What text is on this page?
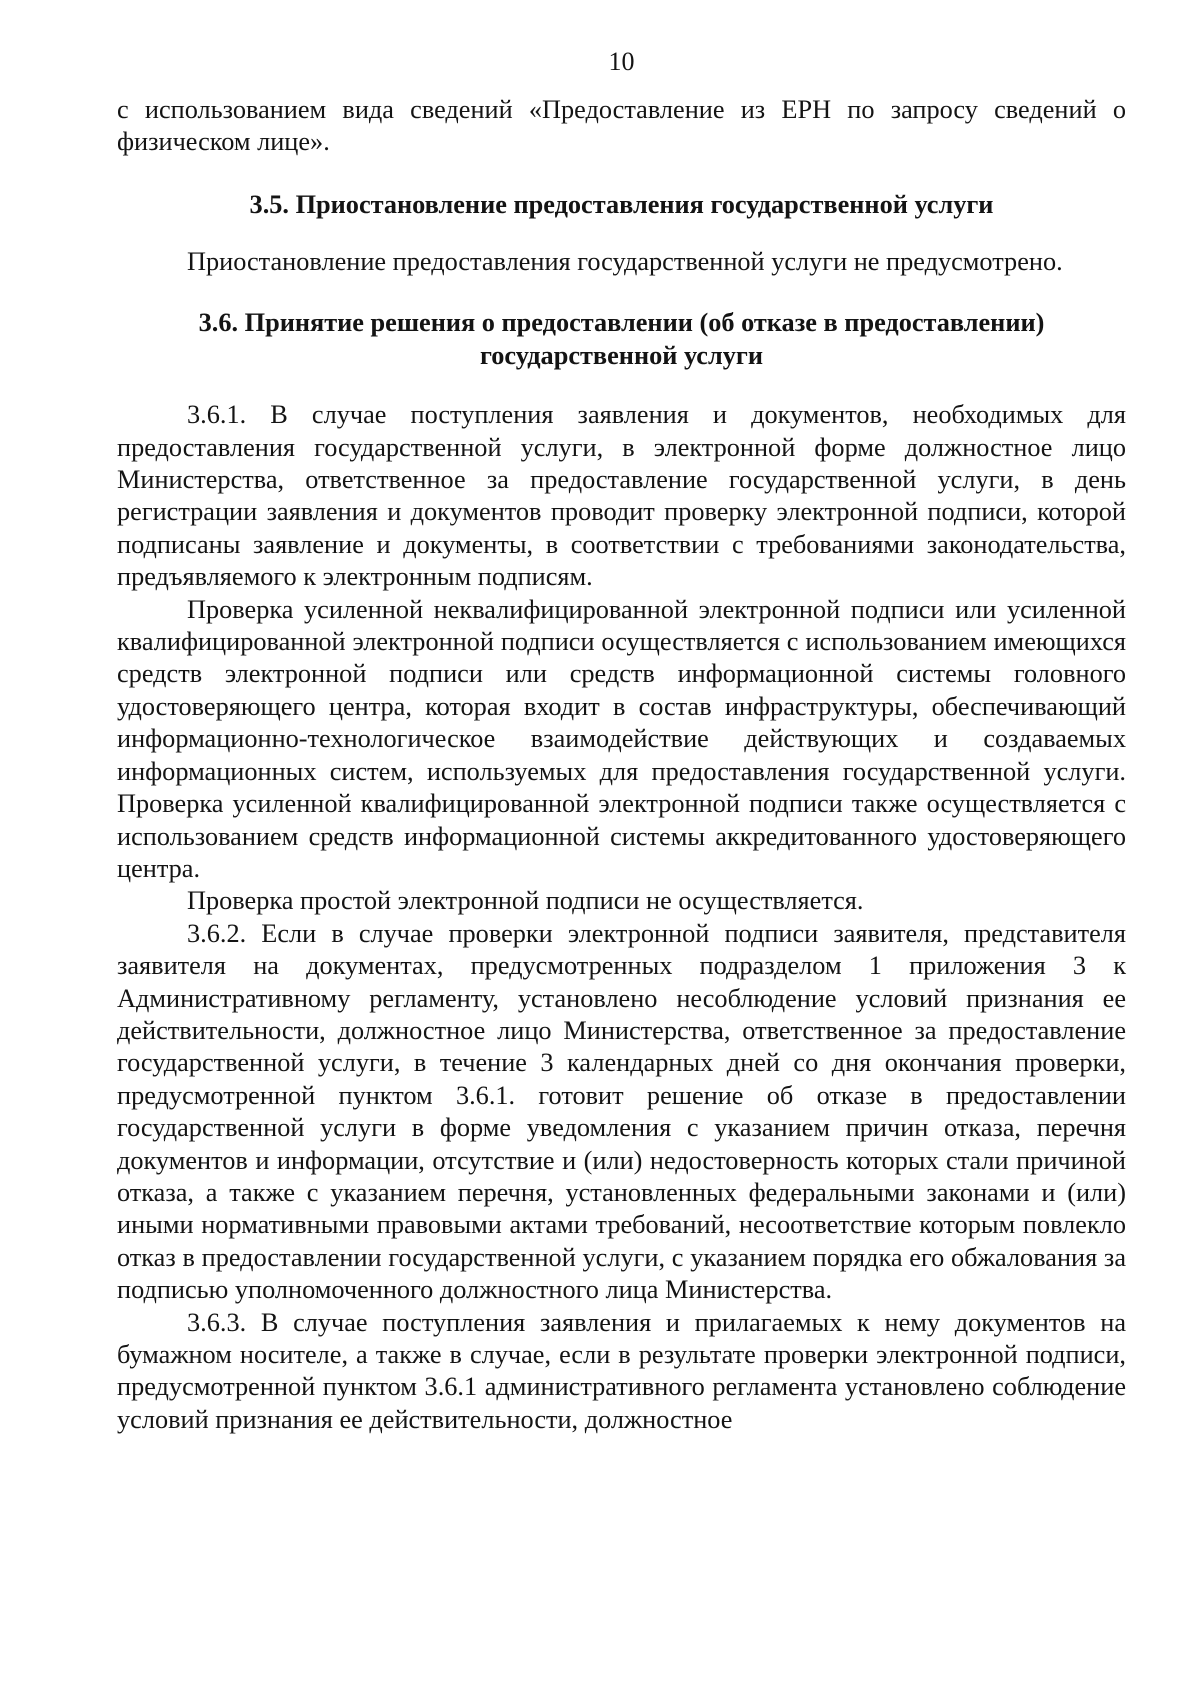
10

с использованием вида сведений «Предоставление из ЕРН по запросу сведений о физическом лице».

3.5. Приостановление предоставления государственной услуги

Приостановление предоставления государственной услуги не предусмотрено.

3.6. Принятие решения о предоставлении (об отказе в предоставлении)
государственной услуги

3.6.1. В случае поступления заявления и документов, необходимых для предоставления государственной услуги, в электронной форме должностное лицо Министерства, ответственное за предоставление государственной услуги, в день регистрации заявления и документов проводит проверку электронной подписи, которой подписаны заявление и документы, в соответствии с требованиями законодательства, предъявляемого к электронным подписям.

Проверка усиленной неквалифицированной электронной подписи или усиленной квалифицированной электронной подписи осуществляется с использованием имеющихся средств электронной подписи или средств информационной системы головного удостоверяющего центра, которая входит в состав инфраструктуры, обеспечивающий информационно-технологическое взаимодействие действующих и создаваемых информационных систем, используемых для предоставления государственной услуги. Проверка усиленной квалифицированной электронной подписи также осуществляется с использованием средств информационной системы аккредитованного удостоверяющего центра.

Проверка простой электронной подписи не осуществляется.

3.6.2. Если в случае проверки электронной подписи заявителя, представителя заявителя на документах, предусмотренных подразделом 1 приложения 3 к Административному регламенту, установлено несоблюдение условий признания ее действительности, должностное лицо Министерства, ответственное за предоставление государственной услуги, в течение 3 календарных дней со дня окончания проверки, предусмотренной пунктом 3.6.1. готовит решение об отказе в предоставлении государственной услуги в форме уведомления с указанием причин отказа, перечня документов и информации, отсутствие и (или) недостоверность которых стали причиной отказа, а также с указанием перечня, установленных федеральными законами и (или) иными нормативными правовыми актами требований, несоответствие которым повлекло отказ в предоставлении государственной услуги, с указанием порядка его обжалования за подписью уполномоченного должностного лица Министерства.

3.6.3. В случае поступления заявления и прилагаемых к нему документов на бумажном носителе, а также в случае, если в результате проверки электронной подписи, предусмотренной пунктом 3.6.1 административного регламента установлено соблюдение условий признания ее действительности, должностное
